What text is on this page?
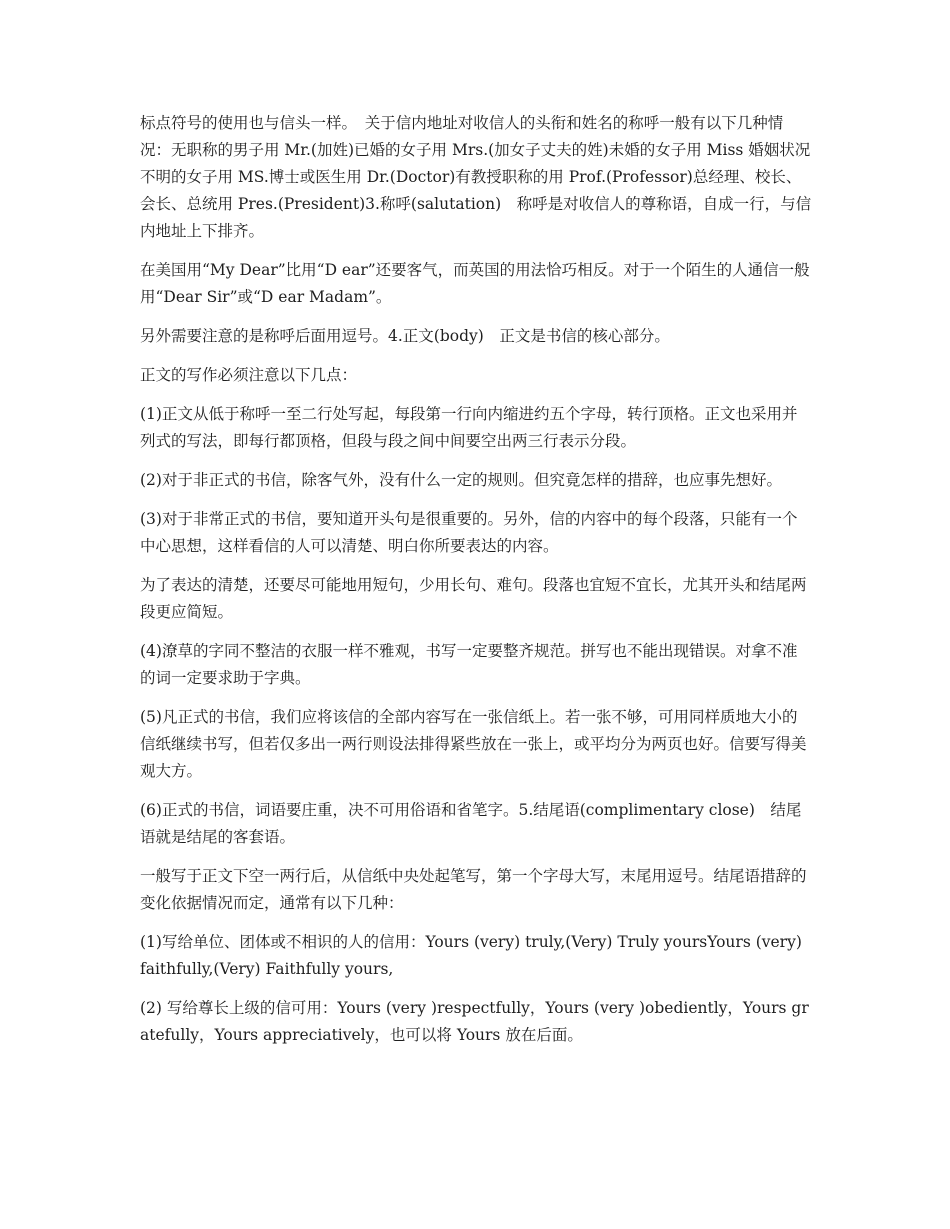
标点符号的使用也与信头一样。　关于信内地址对收信人的头衔和姓名的称呼一般有以下几种情况：无职称的男子用 Mr.(加姓)已婚的女子用 Mrs.(加女子丈夫的姓)未婚的女子用 Miss 婚姻状况不明的女子用 MS.博士或医生用 Dr.(Doctor)有教授职称的用 Prof.(Professor)总经理、校长、会长、总统用 Pres.(President)3.称呼(salutation)　称呼是对收信人的尊称语，自成一行，与信内地址上下排齐。

在美国用“My Dear”比用“D ear”还要客气，而英国的用法恰巧相反。对于一个陌生的人通信一般用“Dear Sir”或“D ear Madam”。

另外需要注意的是称呼后面用逗号。4.正文(body)　正文是书信的核心部分。

正文的写作必须注意以下几点：

(1)正文从低于称呼一至二行处写起，每段第一行向内缩进约五个字母，转行顶格。正文也采用并列式的写法，即每行都顶格，但段与段之间中间要空出两三行表示分段。

(2)对于非正式的书信，除客气外，没有什么一定的规则。但究竟怎样的措辞，也应事先想好。

(3)对于非常正式的书信，要知道开头句是很重要的。另外，信的内容中的每个段落，只能有一个中心思想，这样看信的人可以清楚、明白你所要表达的内容。

为了表达的清楚，还要尽可能地用短句，少用长句、难句。段落也宜短不宜长，尤其开头和结尾两段更应简短。

(4)潦草的字同不整洁的衣服一样不雅观，书写一定要整齐规范。拼写也不能出现错误。对拿不准的词一定要求助于字典。

(5)凡正式的书信，我们应将该信的全部内容写在一张信纸上。若一张不够，可用同样质地大小的信纸继续书写，但若仅多出一两行则设法排得紧些放在一张上，或平均分为两页也好。信要写得美观大方。

(6)正式的书信，词语要庄重，决不可用俗语和省笔字。5.结尾语(complimentary close)　结尾语就是结尾的客套语。

一般写于正文下空一两行后，从信纸中央处起笔写，第一个字母大写，末尾用逗号。结尾语措辞的变化依据情况而定，通常有以下几种：

(1)写给单位、团体或不相识的人的信用：Yours (very) truly,(Very) Truly yoursYours (very) faithfully,(Very) Faithfully yours,

(2) 写给尊长上级的信可用：Yours (very )respectfully，Yours (very )obediently，Yours gratefully，Yours appreciatively，也可以将 Yours 放在后面。
